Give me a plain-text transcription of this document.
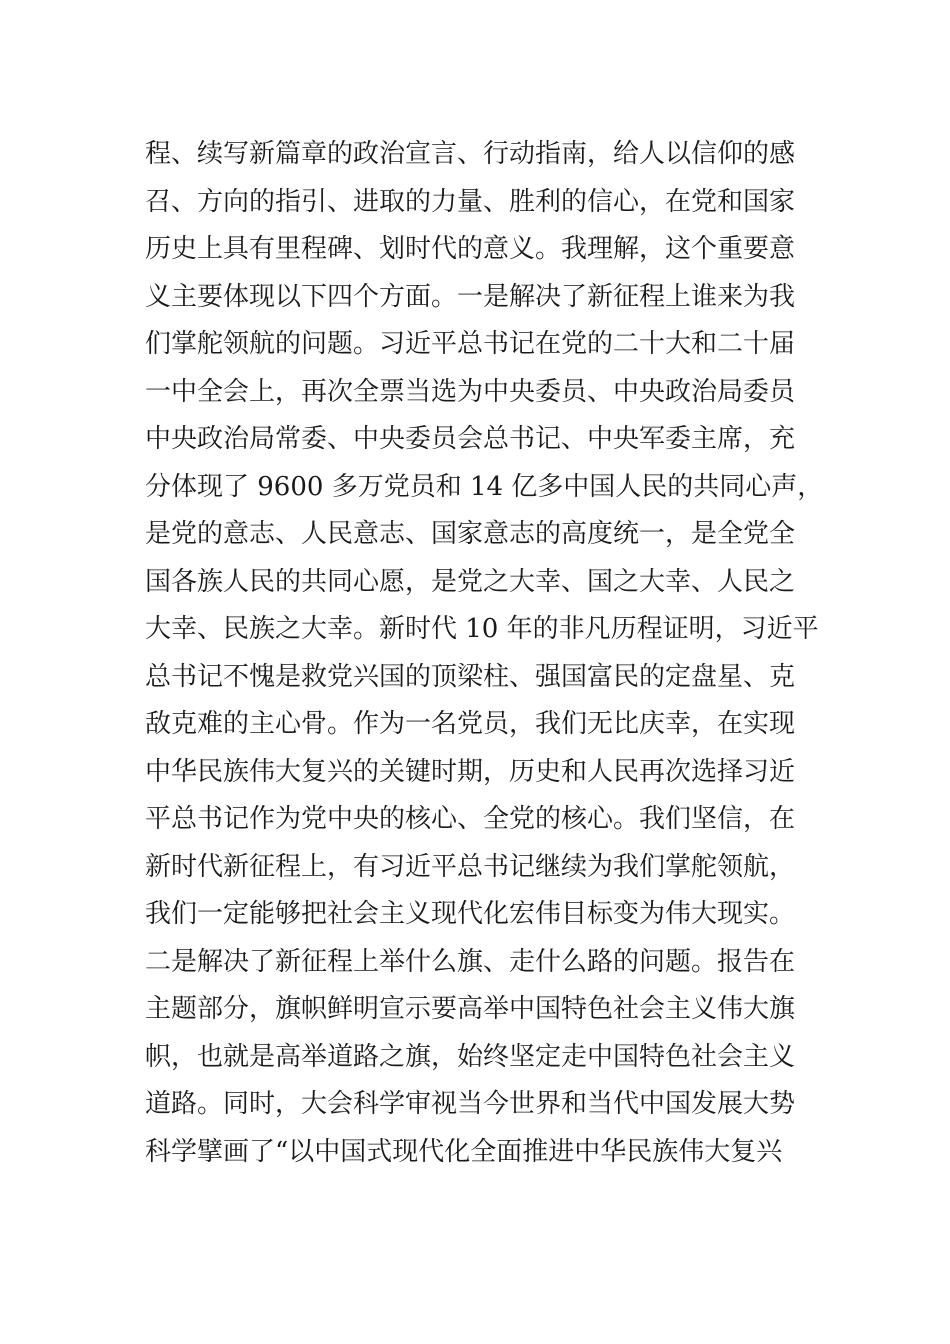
程、续写新篇章的政治宣言、行动指南，给人以信仰的感
召、方向的指引、进取的力量、胜利的信心，在党和国家
历史上具有里程碑、划时代的意义。我理解，这个重要意
义主要体现以下四个方面。一是解决了新征程上谁来为我
们掌舵领航的问题。习近平总书记在党的二十大和二十届
一中全会上，再次全票当选为中央委员、中央政治局委员
中央政治局常委、中央委员会总书记、中央军委主席，充
分体现了 9600 多万党员和 14 亿多中国人民的共同心声，
是党的意志、人民意志、国家意志的高度统一，是全党全
国各族人民的共同心愿，是党之大幸、国之大幸、人民之
大幸、民族之大幸。新时代 10 年的非凡历程证明，习近平
总书记不愧是救党兴国的顶梁柱、强国富民的定盘星、克
敌克难的主心骨。作为一名党员，我们无比庆幸，在实现
中华民族伟大复兴的关键时期，历史和人民再次选择习近
平总书记作为党中央的核心、全党的核心。我们坚信，在
新时代新征程上，有习近平总书记继续为我们掌舵领航，
我们一定能够把社会主义现代化宏伟目标变为伟大现实。
二是解决了新征程上举什么旗、走什么路的问题。报告在
主题部分，旗帜鲜明宣示要高举中国特色社会主义伟大旗
帜，也就是高举道路之旗，始终坚定走中国特色社会主义
道路。同时，大会科学审视当今世界和当代中国发展大势
科学擘画了“以中国式现代化全面推进中华民族伟大复兴
